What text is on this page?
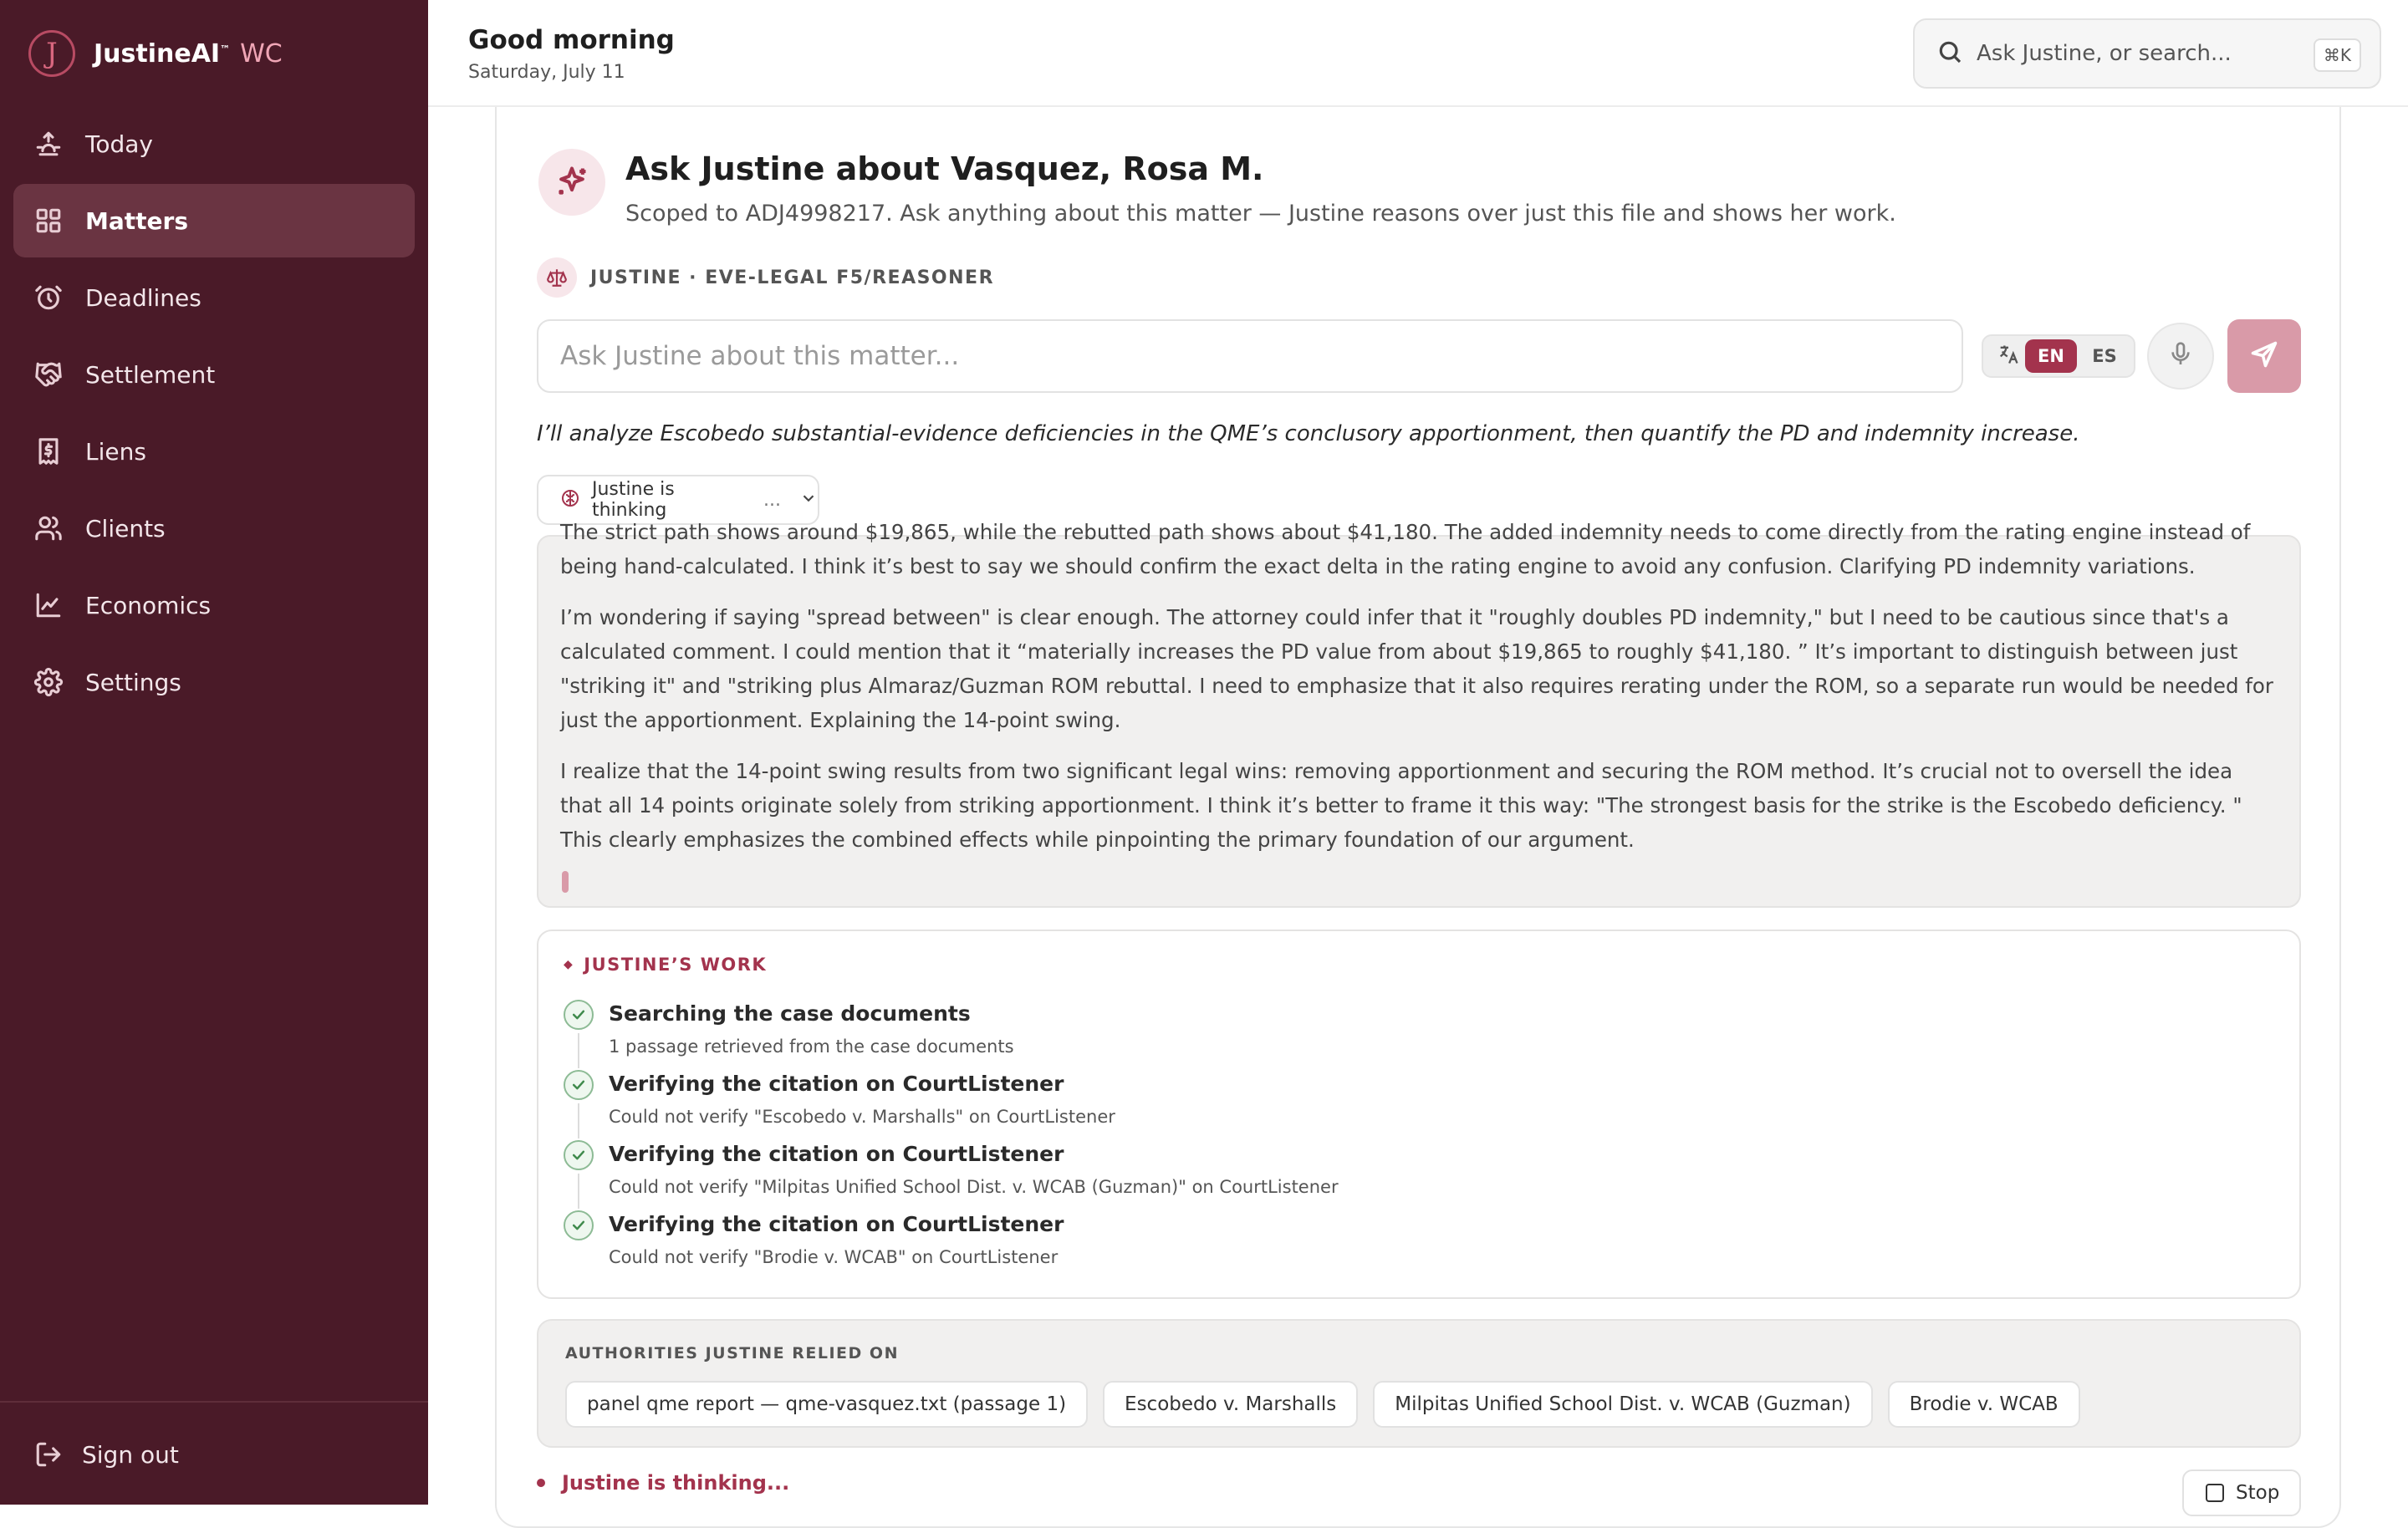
J	JustineAI™ WC
Today
Matters
Deadlines
Settlement
Liens
Clients
Economics
Settings
Sign out
Good morning
Saturday, July 11
Ask Justine, or search...
⌘K
Ask Justine about Vasquez, Rosa M.
Scoped to ADJ4998217. Ask anything about this matter — Justine reasons over just this file and shows her work.
JUSTINE · EVE-LEGAL F5/REASONER
Ask Justine about this matter...
EN	ES
I’ll analyze Escobedo substantial-evidence deficiencies in the QME’s conclusory apportionment, then quantify the PD and indemnity increase.
Justine is thinking	...

The strict path shows around $19,865, while the rebutted path shows about $41,180. The added indemnity needs to come directly from the rating engine instead of being hand-calculated. I think it’s best to say we should confirm the exact delta in the rating engine to avoid any confusion. Clarifying PD indemnity variations.

I’m wondering if saying "spread between" is clear enough. The attorney could infer that it "roughly doubles PD indemnity," but I need to be cautious since that's a calculated comment. I could mention that it “materially increases the PD value from about $19,865 to roughly $41,180. ” It’s important to distinguish between just "striking it" and "striking plus Almaraz/Guzman ROM rebuttal. I need to emphasize that it also requires rerating under the ROM, so a separate run would be needed for just the apportionment. Explaining the 14-point swing.

I realize that the 14-point swing results from two significant legal wins: removing apportionment and securing the ROM method. It’s crucial not to oversell the idea that all 14 points originate solely from striking apportionment. I think it’s better to frame it this way: "The strongest basis for the strike is the Escobedo deficiency. " This clearly emphasizes the combined effects while pinpointing the primary foundation of our argument.

◆ JUSTINE’S WORK
Searching the case documents
1 passage retrieved from the case documents
Verifying the citation on CourtListener
Could not verify "Escobedo v. Marshalls" on CourtListener
Verifying the citation on CourtListener
Could not verify "Milpitas Unified School Dist. v. WCAB (Guzman)" on CourtListener
Verifying the citation on CourtListener
Could not verify "Brodie v. WCAB" on CourtListener
AUTHORITIES JUSTINE RELIED ON
panel qme report — qme-vasquez.txt (passage 1)	Escobedo v. Marshalls	Milpitas Unified School Dist. v. WCAB (Guzman)	Brodie v. WCAB
Justine is thinking...	Stop
